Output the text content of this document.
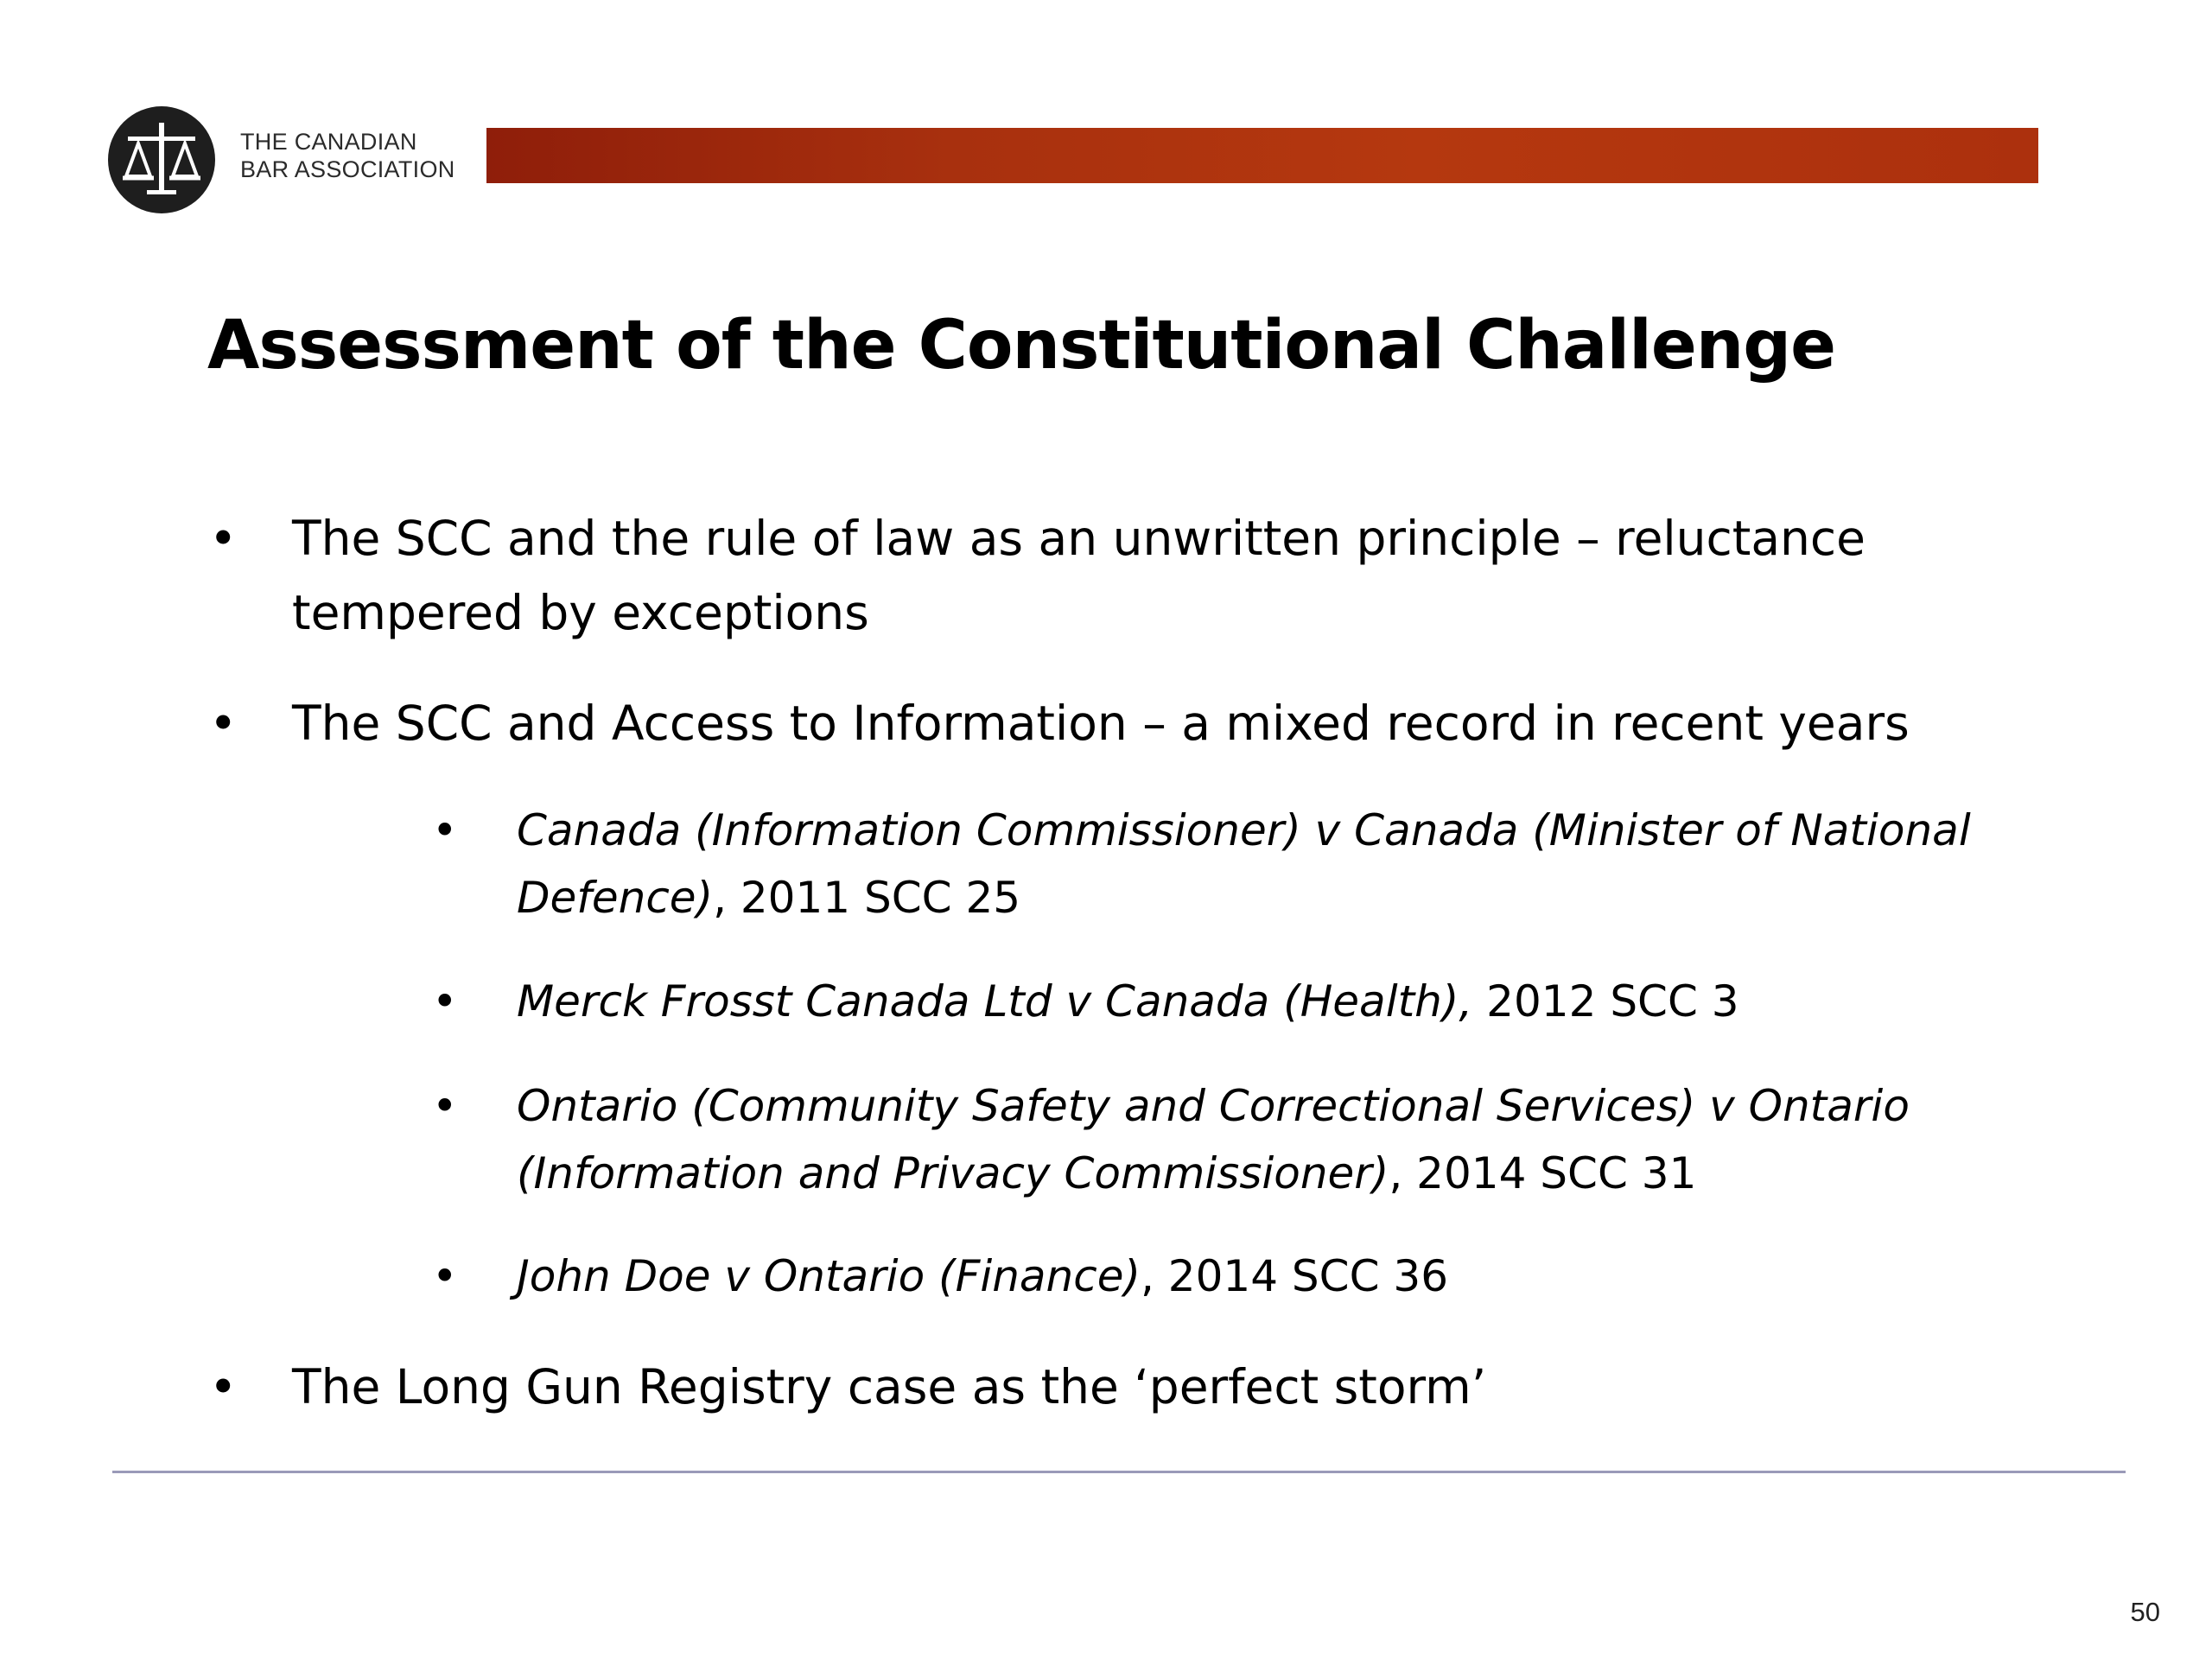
THE CANADIAN
BAR ASSOCIATION
Assessment of the Constitutional Challenge
• The SCC and the rule of law as an unwritten principle – reluctance tempered by exceptions
• The SCC and Access to Information – a mixed record in recent years
• Canada (Information Commissioner) v Canada (Minister of National Defence), 2011 SCC 25
• Merck Frosst Canada Ltd v Canada (Health), 2012 SCC 3
• Ontario (Community Safety and Correctional Services) v Ontario (Information and Privacy Commissioner), 2014 SCC 31
• John Doe v Ontario (Finance), 2014 SCC 36
• The Long Gun Registry case as the ‘perfect storm’
50
